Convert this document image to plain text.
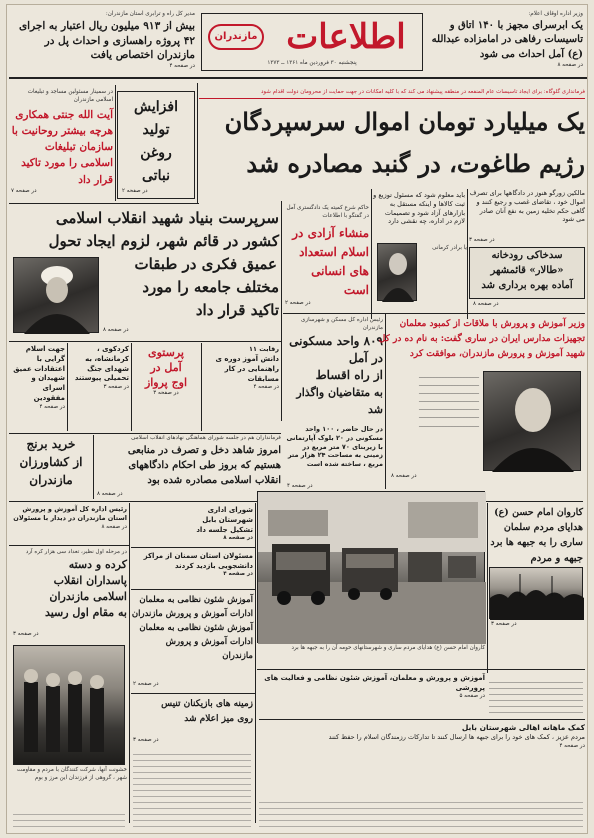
اطلاعات
مازندران
پنجشنبه ۳۰ فروردین ماه ۱۳۶۱ ــ ۱۳۷۳
وزیر اداره اوقاف اعلام:
یک ابرسرای مجهز با ۱۴۰ اتاق و تاسیسات رفاهی در امامزاده عبدالله (ع) آمل احداث می شود
در صفحه ۸
مدیر کل راه و ترابری استان مازندران:
بیش از ۹۱۳ میلیون ریال اعتبار به اجرای ۴۲ پروژه راهسازی و احداث پل در مازندران اختصاص یافت
در صفحه ۴
فرمانداری گلوگاه: برای ایجاد تاسیسات عام المنفعه در منطقه پیشنهاد می کند که با کلیه امکانات در جهت حمایت از محرومان دولت اقدام شود
یک میلیارد تومان اموال سرسپردگان
رژیم طاغوت، در گنبد مصادره شد
افزایش
تولید
روغن
نباتی
در صفحه ۲
در سمینار مسئولین مساجد و تبلیغات اسلامی مازندران
آیت الله جنتی همکاری هرچه بیشتر روحانیت با سازمان تبلیغات اسلامی را مورد تاکید قرار داد
در صفحه ۷	مالکین زورگو هنوز در دادگاهها برای تصرف اموال خود ، تقاضای غصب و رجیع کنند و گاهی حکم تخلیه زمین به نفع آنان صادر می شود
در صفحه ۳
باید معلوم شود که مسئول توزیع و ثبت کالاها و اینکه مستقل به بازارهای آزاد شود و تصمیمات لازم در اداره، چه نقشی دارد
یا برادر کرمانی
سدخاکی رودخانه
«طالار» قائمشهر
آماده بهره برداری شد
در صفحه ۸
حاکم شرع کمیته یک دادگستری آمل در گفتگو با اطلاعات
منشاء آزادی در
اسلام استعداد
های انسانی است
در صفحه ۲
سرپرست بنیاد شهید انقلاب اسلامی
کشور در قائم شهر، لزوم ایجاد تحول
عمیق فکری در طبقات
مختلف جامعه را مورد
تاکید قرار داد
در صفحه ۸
رئیس اداره کل مسکن و شهرسازی مازندران
۸۰۹ واحد مسکونی
در آمل
از راه اقساط
به متقاضیان واگذار شد
در حال حاضر ، ۱۰۰ واحد مسکونی در ۲۰ بلوک آپارتمانی با زیربنای ۷۰ متر مربع در زمینی به مساحت ۲۴ هزار متر مربع ، ساخته شده است
در صفحه ۴
وزیر آموزش و پرورش با ملاقات از کمبود معلمان
تجهیزات مدارس ایران در ساری گفت: به نام ده در کل
شهید آموزش و پرورش مازندران، موافقت کرد
____________________
____________________
____________________
____________________
____________________
____________________
____________________
در صفحه ۸
جهت اسلام گرایی با اعتقادات عمیق شهیدان و اسرای مفقودین
در صفحه ۴
کردکوی ، کرمانشاه، به شهدای جنگ تحمیلی پیوستند
در صفحه ۳
پرستوی
آمل در
اوج پرواز
در صفحه ۳
رقابت ۱۱
دانش آموز دوره ی راهنمایی در کار مسابقات
در صفحه ۴
فرمانداران هم در جلسه شورای هماهنگی نهادهای انقلاب اسلامی
امروز شاهد دخل و تصرف در منابعی
هستیم که بروز طی احکام دادگاههای
انقلاب اسلامی مصادره شده بود
در صفحه ۸
خرید برنج
از کشاورزان
مازندران
کاروان امام حسن (ع) هدایای مردم ساری و شهرستانهای حومه آن را به جبهه ها برد
کاروان امام حسن (ع)
هدایای مردم سلمان
ساری را به جبهه ها برد
جبهه و مردم
در صفحه ۳
شورای اداری شهرستان بابل تشکیل جلسه داد
در صفحه ۸
مسئولان استان سمنان از مراکز دانشجویی بازدید کردند
در صفحه ۴
آموزش شئون نظامی به معلمان
ادارات آموزش و پرورش مازندران
آموزش شئون نظامی به معلمان
ادارات آموزش و پرورش
مازندران
در صفحه ۲
زمینه های بازیکنان تنیس
روی میز اعلام شد
در صفحه ۳
رئیس اداره کل آموزش و پرورش استان مازندران در دیدار با مسئولان
در صفحه ۸
در مرحله اول نظیر، تعداد سی هزار کره آرد
کرده و دسته
پاسداران انقلاب
اسلامی مازندران
به مقام اول رسید
در صفحه ۳
خشونت آنها، شرکت کنندگان با مردم و مقاومت شهر ، گروهی از فرزندان این مرز و بوم
آموزش و پرورش و معلمان، آموزش شئون نظامی و فعالیت های پرورشی
در صفحه ۵
کمک ماهانه اهالی شهرستان بابل
مردم عزیز ، کمک های خود را برای جبهه ها ارسال کنند تا تدارکات رزمندگان اسلام را حفظ کنند
در صفحه ۴
